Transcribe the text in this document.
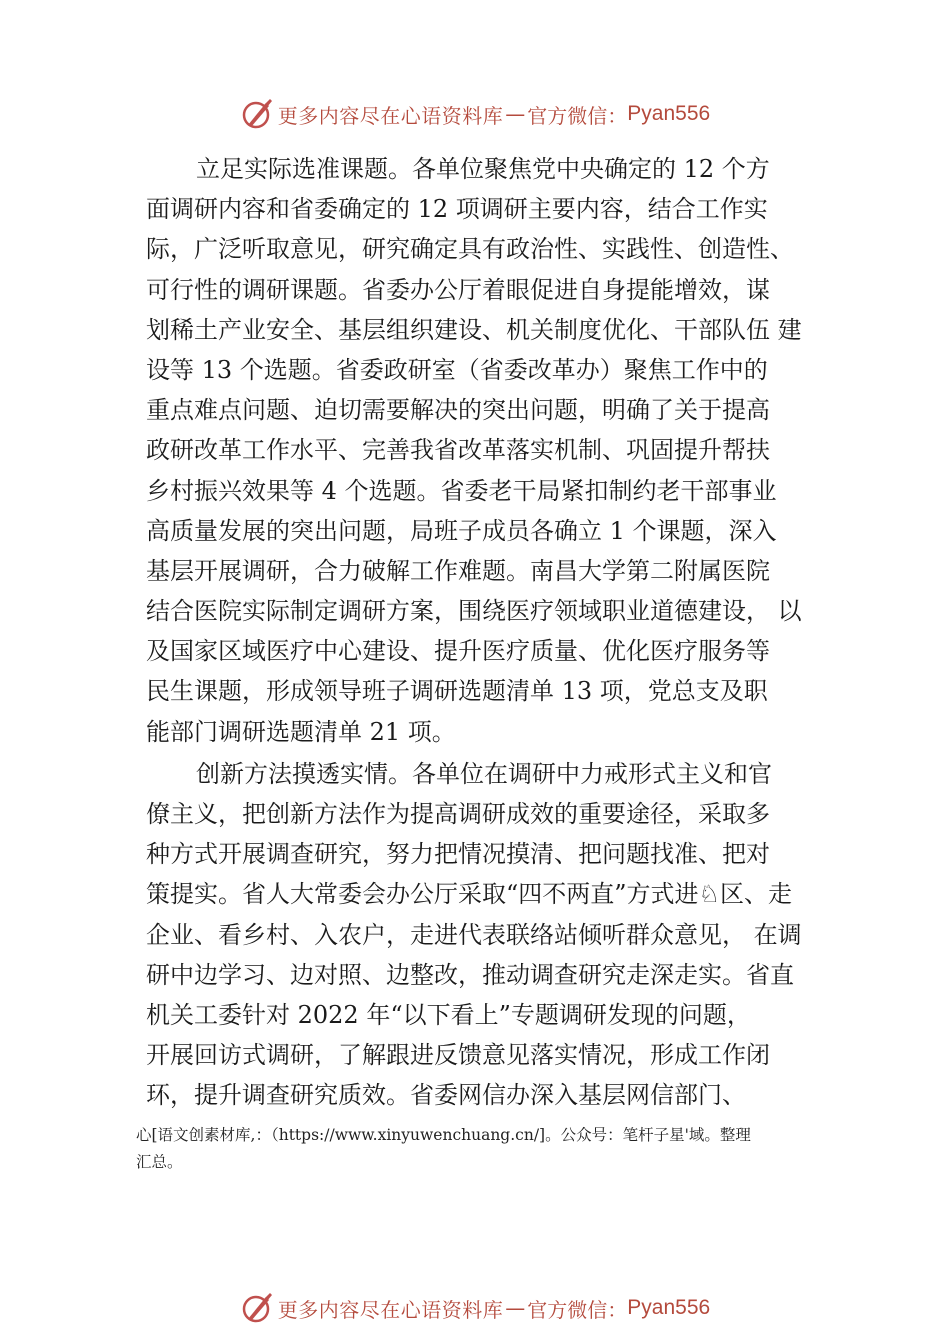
更多内容尽在心语资料库 — 官方微信： Pyan556
立足实际选准课题。各单位聚焦党中央确定的 12 个方
面调研内容和省委确定的 12 项调研主要内容，结合工作实
际，广泛听取意见，研究确定具有政治性、实践性、创造性、
可行性的调研课题。省委办公厅着眼促进自身提能增效，谋
划稀土产业安全、基层组织建设、机关制度优化、干部队伍 建
设等 13 个选题。省委政研室（省委改革办）聚焦工作中的
重点难点问题、迫切需要解决的突出问题，明确了关于提高
政研改革工作水平、完善我省改革落实机制、巩固提升帮扶
乡村振兴效果等 4 个选题。省委老干局紧扣制约老干部事业
高质量发展的突出问题，局班子成员各确立 1 个课题，深入
基层开展调研，合力破解工作难题。南昌大学第二附属医院
结合医院实际制定调研方案，围绕医疗领域职业道德建设， 以
及国家区域医疗中心建设、提升医疗质量、优化医疗服务等
民生课题，形成领导班子调研选题清单 13 项，党总支及职
能部门调研选题清单 21 项。
创新方法摸透实情。各单位在调研中力戒形式主义和官
僚主义，把创新方法作为提高调研成效的重要途径，采取多
种方式开展调查研究，努力把情况摸清、把问题找准、把对
策提实。省人大常委会办公厅采取“四不两直”方式进♘区、走
企业、看乡村、入农户，走进代表联络站倾听群众意见， 在调
研中边学习、边对照、边整改，推动调查研究走深走实。省直
机关工委针对 2022 年“以下看上”专题调研发现的问题，
开展回访式调研，了解跟进反馈意见落实情况，形成工作闭
环，提升调查研究质效。省委网信办深入基层网信部门、
心[语文创素材库,：（https://www.xinyuwenchuang.cn/]。公众号：笔杆子星'域。整理
汇总。
更多内容尽在心语资料库 — 官方微信： Pyan556
